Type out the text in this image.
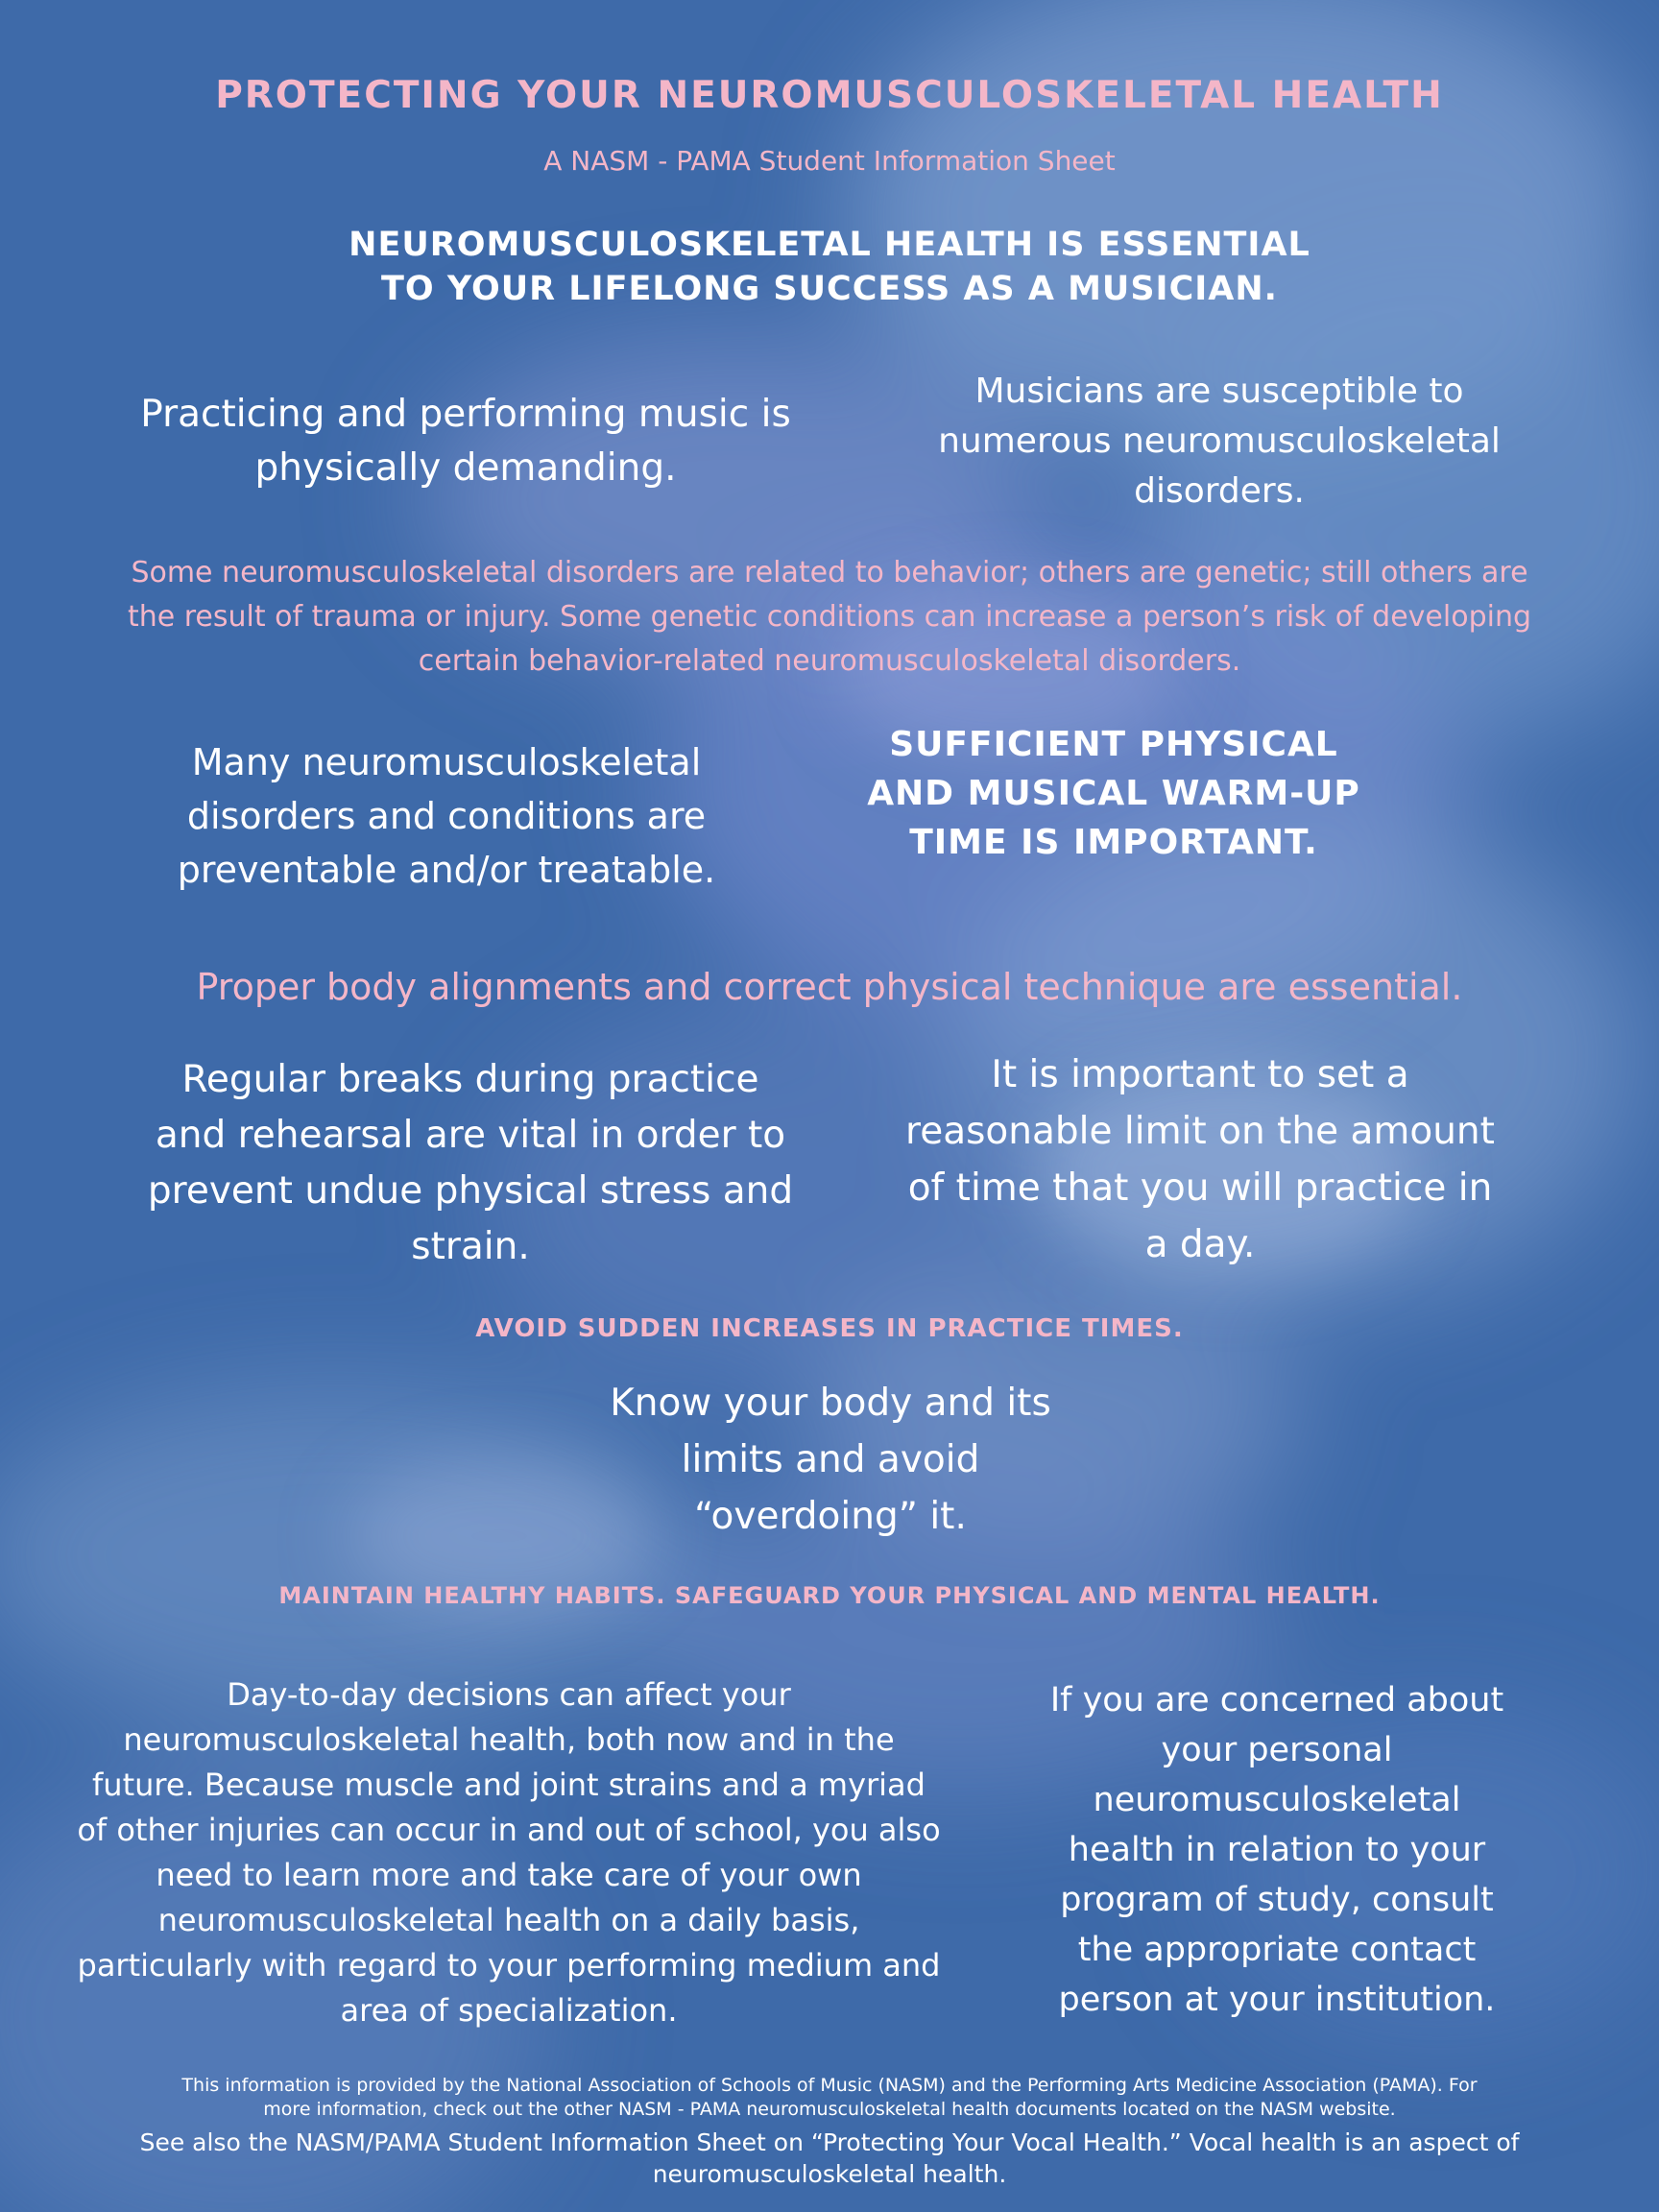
PROTECTING YOUR NEUROMUSCULOSKELETAL HEALTH
A NASM - PAMA Student Information Sheet
NEUROMUSCULOSKELETAL HEALTH IS ESSENTIAL
TO YOUR LIFELONG SUCCESS AS A MUSICIAN.
Practicing and performing music is physically demanding.
Musicians are susceptible to numerous neuromusculoskeletal disorders.
Some neuromusculoskeletal disorders are related to behavior; others are genetic; still others are the result of trauma or injury. Some genetic conditions can increase a person’s risk of developing certain behavior-related neuromusculoskeletal disorders.
Many neuromusculoskeletal disorders and conditions are preventable and/or treatable.
SUFFICIENT PHYSICAL AND MUSICAL WARM-UP TIME IS IMPORTANT.
Proper body alignments and correct physical technique are essential.
Regular breaks during practice and rehearsal are vital in order to prevent undue physical stress and strain.
It is important to set a reasonable limit on the amount of time that you will practice in a day.
AVOID SUDDEN INCREASES IN PRACTICE TIMES.
Know your body and its limits and avoid “overdoing” it.
MAINTAIN HEALTHY HABITS. SAFEGUARD YOUR PHYSICAL AND MENTAL HEALTH.
Day-to-day decisions can affect your neuromusculoskeletal health, both now and in the future. Because muscle and joint strains and a myriad of other injuries can occur in and out of school, you also need to learn more and take care of your own neuromusculoskeletal health on a daily basis, particularly with regard to your performing medium and area of specialization.
If you are concerned about your personal neuromusculoskeletal health in relation to your program of study, consult the appropriate contact person at your institution.
This information is provided by the National Association of Schools of Music (NASM) and the Performing Arts Medicine Association (PAMA). For more information, check out the other NASM - PAMA neuromusculoskeletal health documents located on the NASM website.
See also the NASM/PAMA Student Information Sheet on “Protecting Your Vocal Health.” Vocal health is an aspect of neuromusculoskeletal health.
